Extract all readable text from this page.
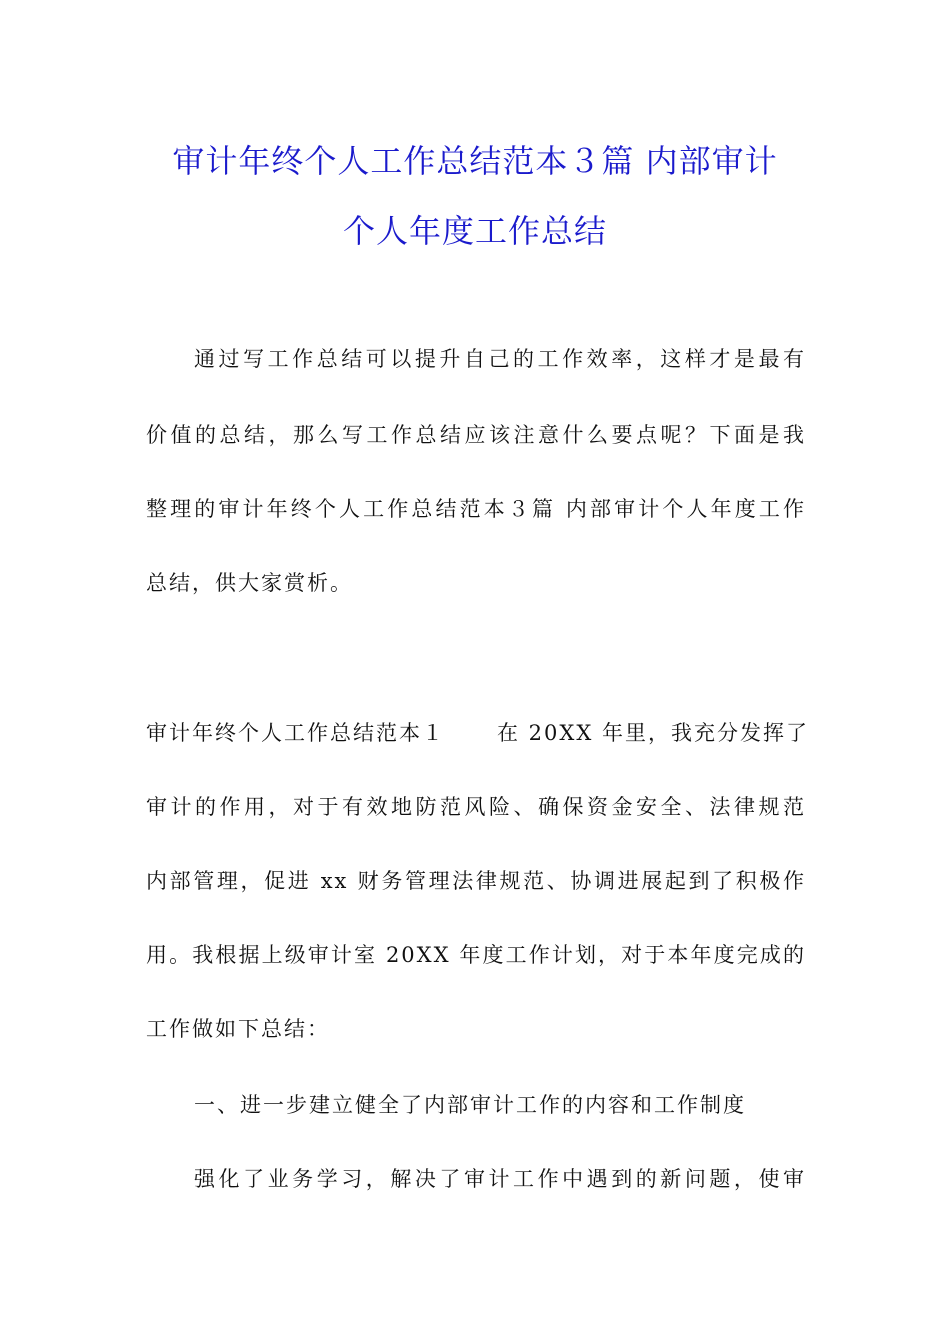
审计年终个人工作总结范本３篇 内部审计
个人年度工作总结
通过写工作总结可以提升自己的工作效率，这样才是最有
价值的总结，那么写工作总结应该注意什么要点呢？下面是我
整理的审计年终个人工作总结范本３篇 内部审计个人年度工作
总结，供大家赏析。
审计年终个人工作总结范本１ 在 20XX 年里，我充分发挥了
审计的作用，对于有效地防范风险、确保资金安全、法律规范
内部管理，促进 xx 财务管理法律规范、协调进展起到了积极作
用。我根据上级审计室 20XX 年度工作计划，对于本年度完成的
工作做如下总结：
一、进一步建立健全了内部审计工作的内容和工作制度
强化了业务学习，解决了审计工作中遇到的新问题，使审
